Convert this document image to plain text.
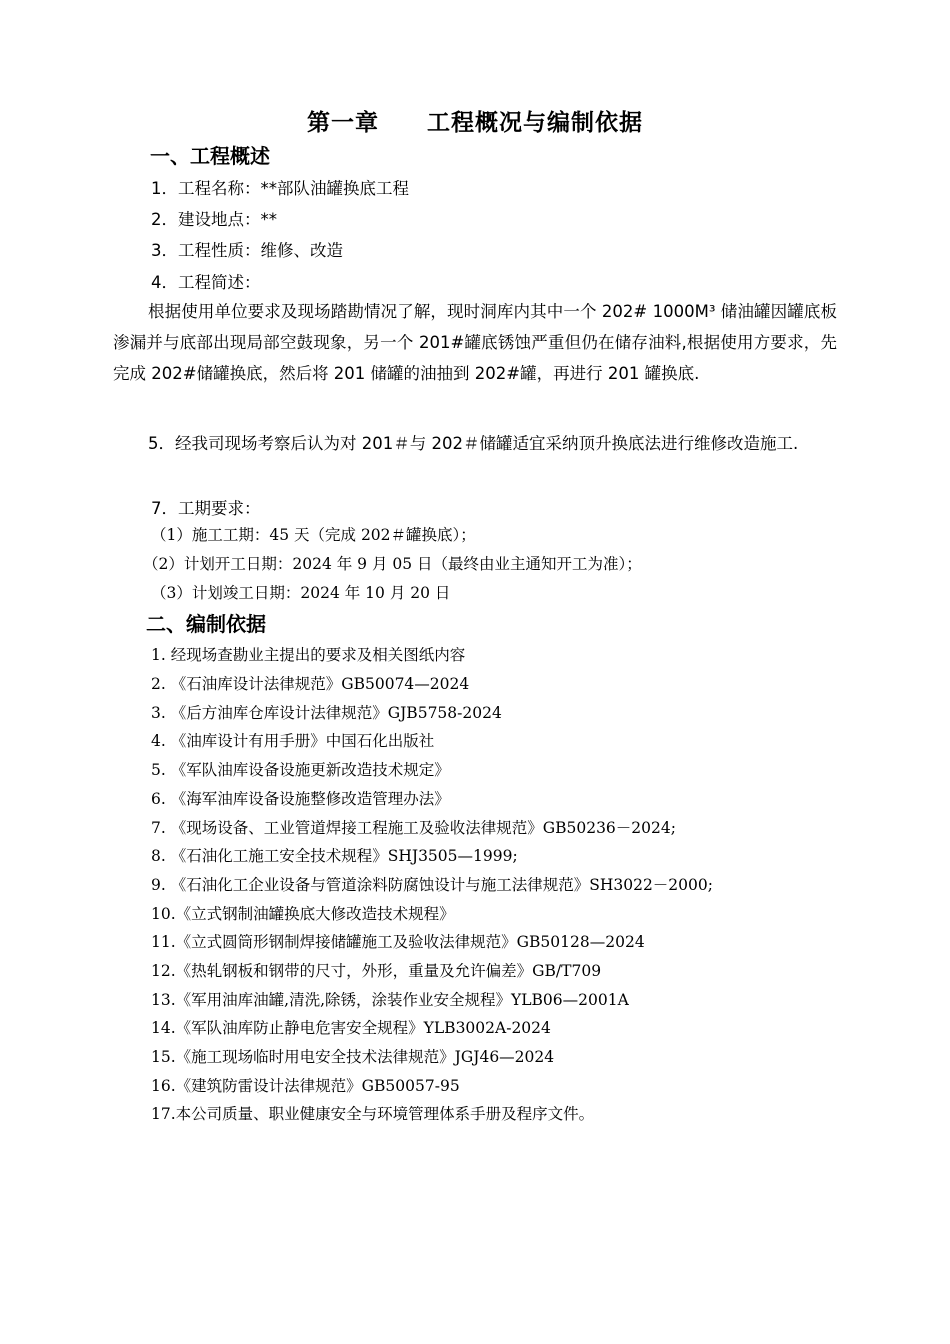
第一章　　工程概况与编制依据
一、工程概述
1．工程名称：**部队油罐换底工程
2．建设地点：**
3．工程性质：维修、改造
4．工程简述：
根据使用单位要求及现场踏勘情况了解，现时洞库内其中一个 202# 1000M³ 储油罐因罐底板渗漏并与底部出现局部空鼓现象，另一个 201#罐底锈蚀严重但仍在储存油料,根据使用方要求，先完成 202#储罐换底，然后将 201 储罐的油抽到 202#罐，再进行 201 罐换底.
5．经我司现场考察后认为对 201＃与 202＃储罐适宜采纳顶升换底法进行维修改造施工.
7．工期要求：
（1）施工工期：45 天（完成 202＃罐换底）；
（2）计划开工日期：2024 年 9 月 05 日（最终由业主通知开工为准）；
（3）计划竣工日期：2024 年 10 月 20 日
二、编制依据
1. 经现场查勘业主提出的要求及相关图纸内容
2. 《石油库设计法律规范》GB50074—2024
3. 《后方油库仓库设计法律规范》GJB5758-2024
4. 《油库设计有用手册》中国石化出版社
5. 《军队油库设备设施更新改造技术规定》
6. 《海军油库设备设施整修改造管理办法》
7. 《现场设备、工业管道焊接工程施工及验收法律规范》GB50236－2024;
8. 《石油化工施工安全技术规程》SHJ3505—1999;
9. 《石油化工企业设备与管道涂料防腐蚀设计与施工法律规范》SH3022－2000;
10.《立式钢制油罐换底大修改造技术规程》
11.《立式圆筒形钢制焊接储罐施工及验收法律规范》GB50128—2024
12.《热轧钢板和钢带的尺寸，外形，重量及允许偏差》GB/T709
13.《军用油库油罐,清洗,除锈，涂装作业安全规程》YLB06—2001A
14.《军队油库防止静电危害安全规程》YLB3002A-2024
15.《施工现场临时用电安全技术法律规范》JGJ46—2024
16.《建筑防雷设计法律规范》GB50057-95
17.本公司质量、职业健康安全与环境管理体系手册及程序文件。
